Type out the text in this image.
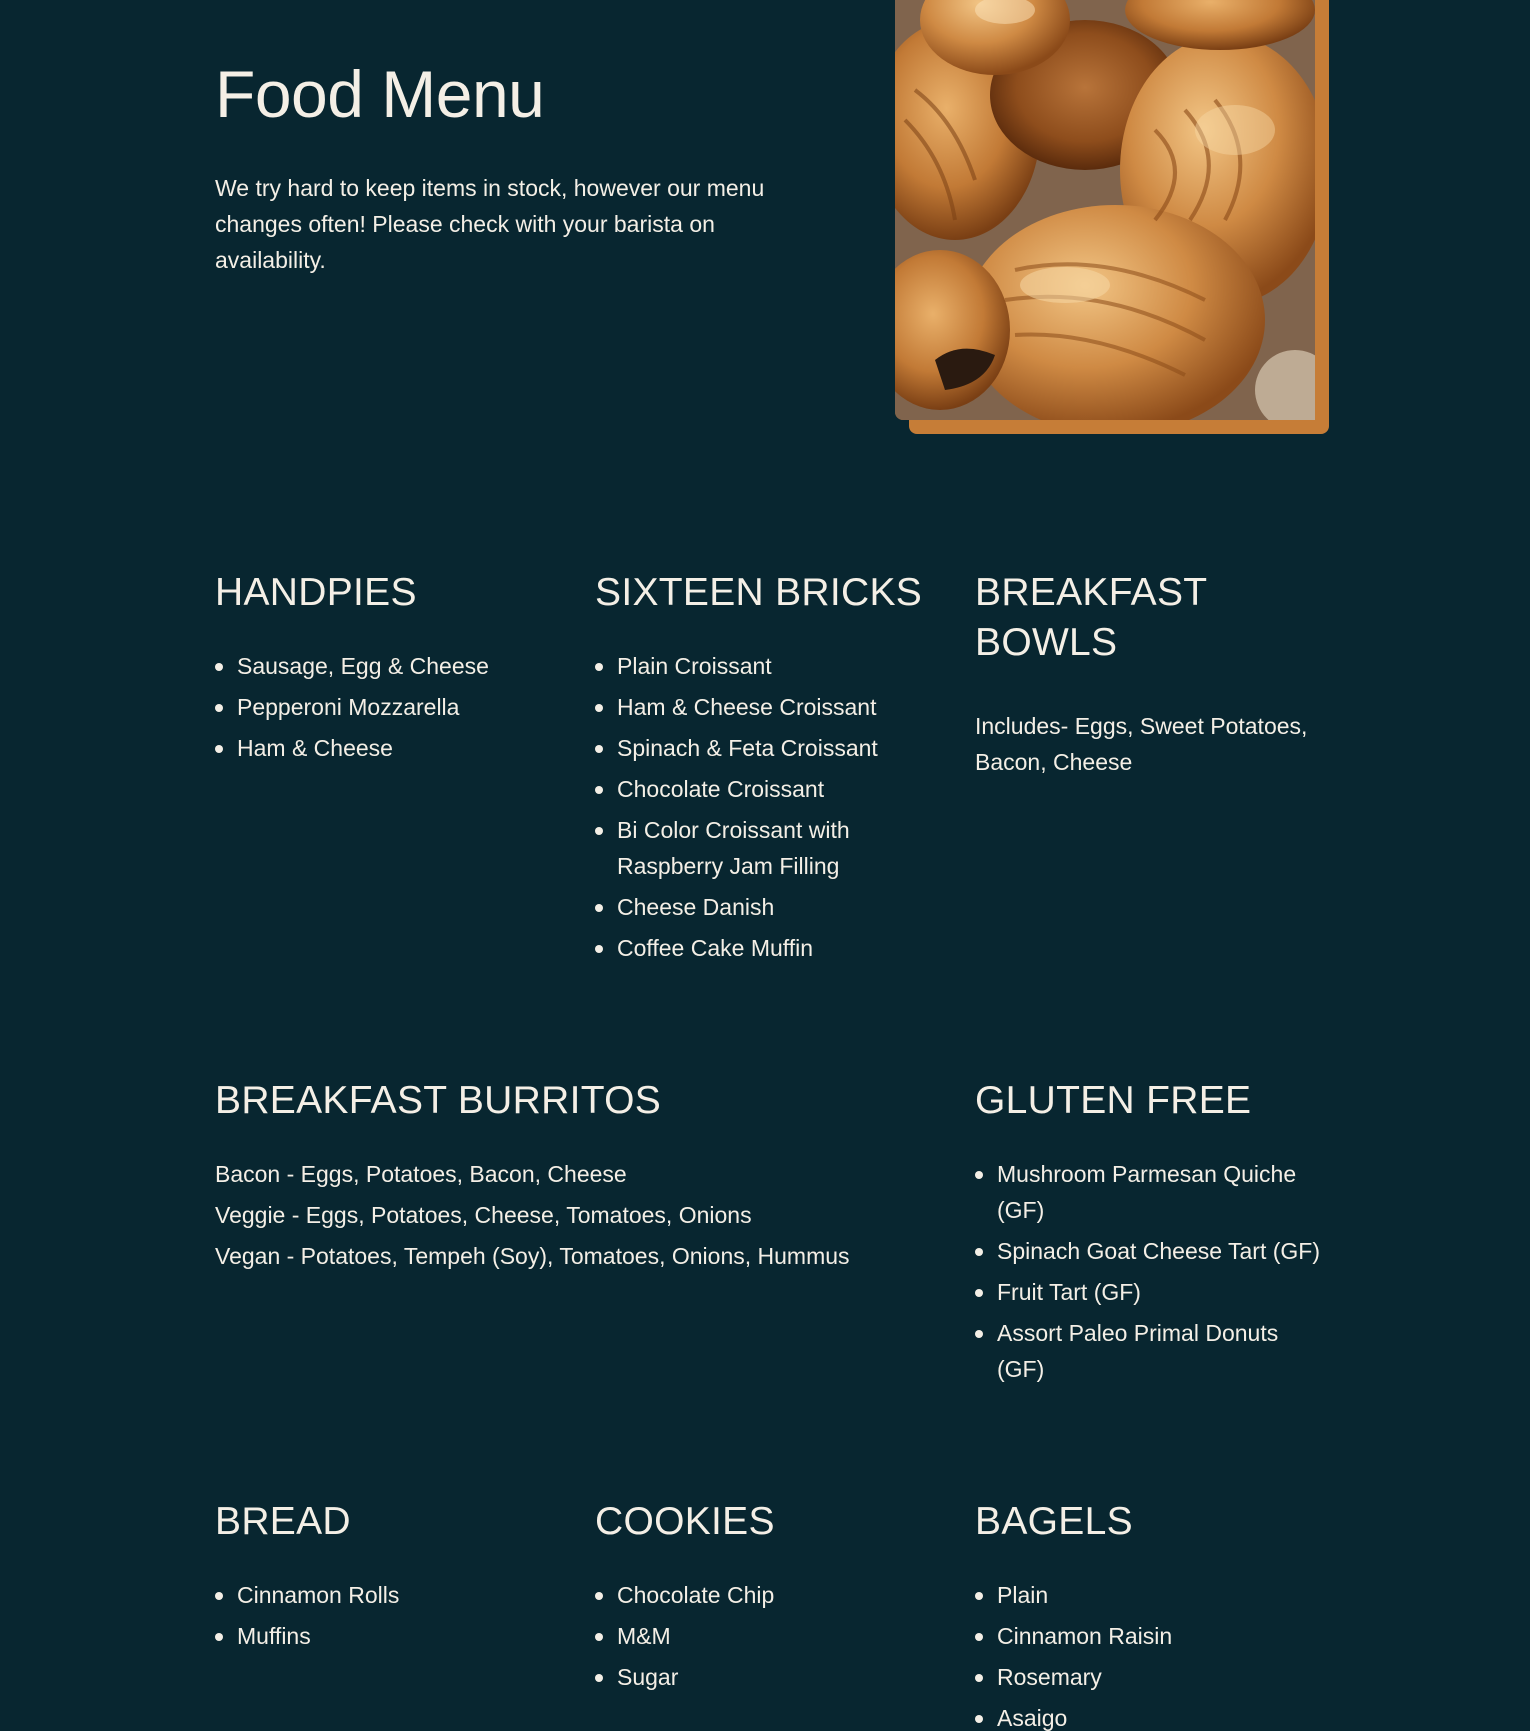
Food Menu

We try hard to keep items in stock, however our menu changes often! Please check with your barista on availability.

HANDPIES
Sausage, Egg & Cheese
Pepperoni Mozzarella
Ham & Cheese
SIXTEEN BRICKS
Plain Croissant
Ham & Cheese Croissant
Spinach & Feta Croissant
Chocolate Croissant
Bi Color Croissant with Raspberry Jam Filling
Cheese Danish
Coffee Cake Muffin
BREAKFAST BOWLS

Includes- Eggs, Sweet Potatoes, Bacon, Cheese

BREAKFAST BURRITOS

Bacon - Eggs, Potatoes, Bacon, Cheese

Veggie - Eggs, Potatoes, Cheese, Tomatoes, Onions

Vegan - Potatoes, Tempeh (Soy), Tomatoes, Onions, Hummus

GLUTEN FREE
Mushroom Parmesan Quiche (GF)
Spinach Goat Cheese Tart (GF)
Fruit Tart (GF)
Assort Paleo Primal Donuts (GF)
BREAD
Cinnamon Rolls
Muffins
COOKIES
Chocolate Chip
M&M
Sugar
BAGELS
Plain
Cinnamon Raisin
Rosemary
Asaigo
